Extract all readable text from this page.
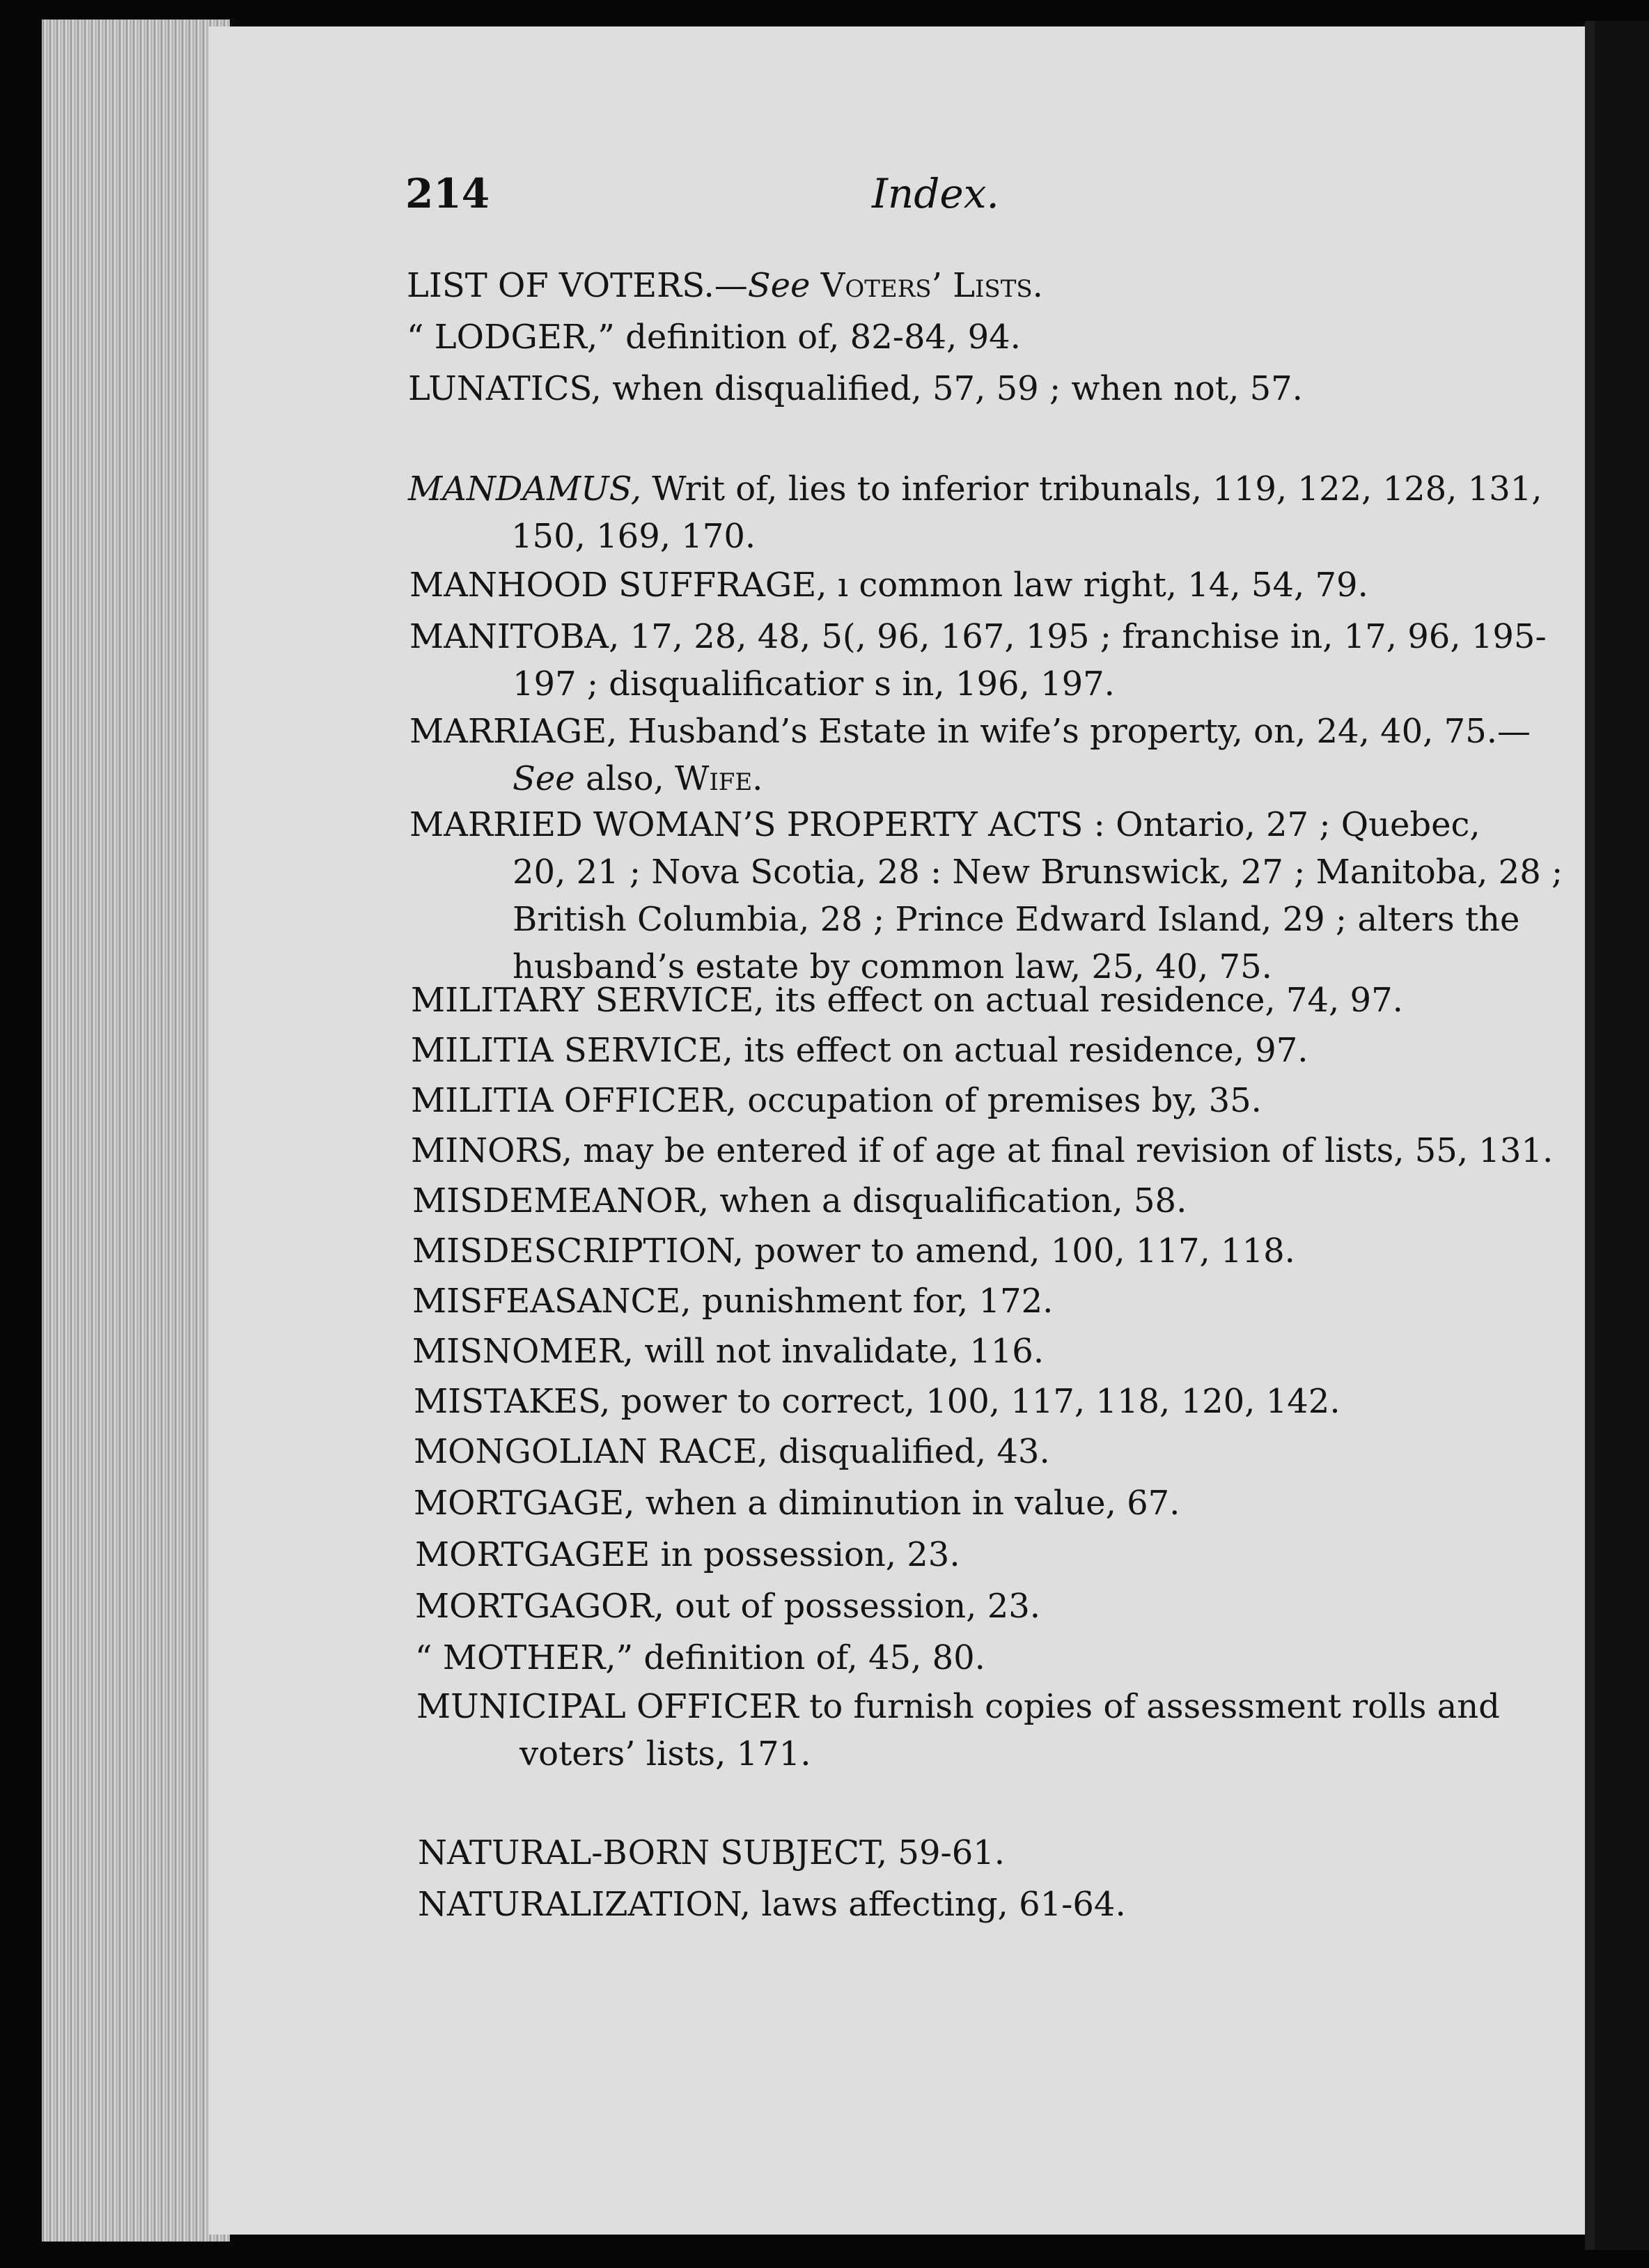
214	Index.
LIST OF VOTERS.—See Voters’ Lists.
“ LODGER,” definition of, 82-84, 94.
LUNATICS, when disqualified, 57, 59 ; when not, 57.
MANDAMUS, Writ of, lies to inferior tribunals, 119, 122, 128, 131,
150, 169, 170.
MANHOOD SUFFRAGE, ı common law right, 14, 54, 79.
MANITOBA, 17, 28, 48, 5(, 96, 167, 195 ; franchise in, 17, 96, 195-
197 ; disqualificatior s in, 196, 197.
MARRIAGE, Husband’s Estate in wife’s property, on, 24, 40, 75.—
See also, Wife.
MARRIED WOMAN’S PROPERTY ACTS : Ontario, 27 ; Quebec,
20, 21 ; Nova Scotia, 28 : New Brunswick, 27 ; Manitoba, 28 ;
British Columbia, 28 ; Prince Edward Island, 29 ; alters the
husband’s estate by common law, 25, 40, 75.
MILITARY SERVICE, its effect on actual residence, 74, 97.
MILITIA SERVICE, its effect on actual residence, 97.
MILITIA OFFICER, occupation of premises by, 35.
MINORS, may be entered if of age at final revision of lists, 55, 131.
MISDEMEANOR, when a disqualification, 58.
MISDESCRIPTION, power to amend, 100, 117, 118.
MISFEASANCE, punishment for, 172.
MISNOMER, will not invalidate, 116.
MISTAKES, power to correct, 100, 117, 118, 120, 142.
MONGOLIAN RACE, disqualified, 43.
MORTGAGE, when a diminution in value, 67.
MORTGAGEE in possession, 23.
MORTGAGOR, out of possession, 23.
“ MOTHER,” definition of, 45, 80.
MUNICIPAL OFFICER to furnish copies of assessment rolls and
voters’ lists, 171.
NATURAL-BORN SUBJECT, 59-61.
NATURALIZATION, laws affecting, 61-64.
